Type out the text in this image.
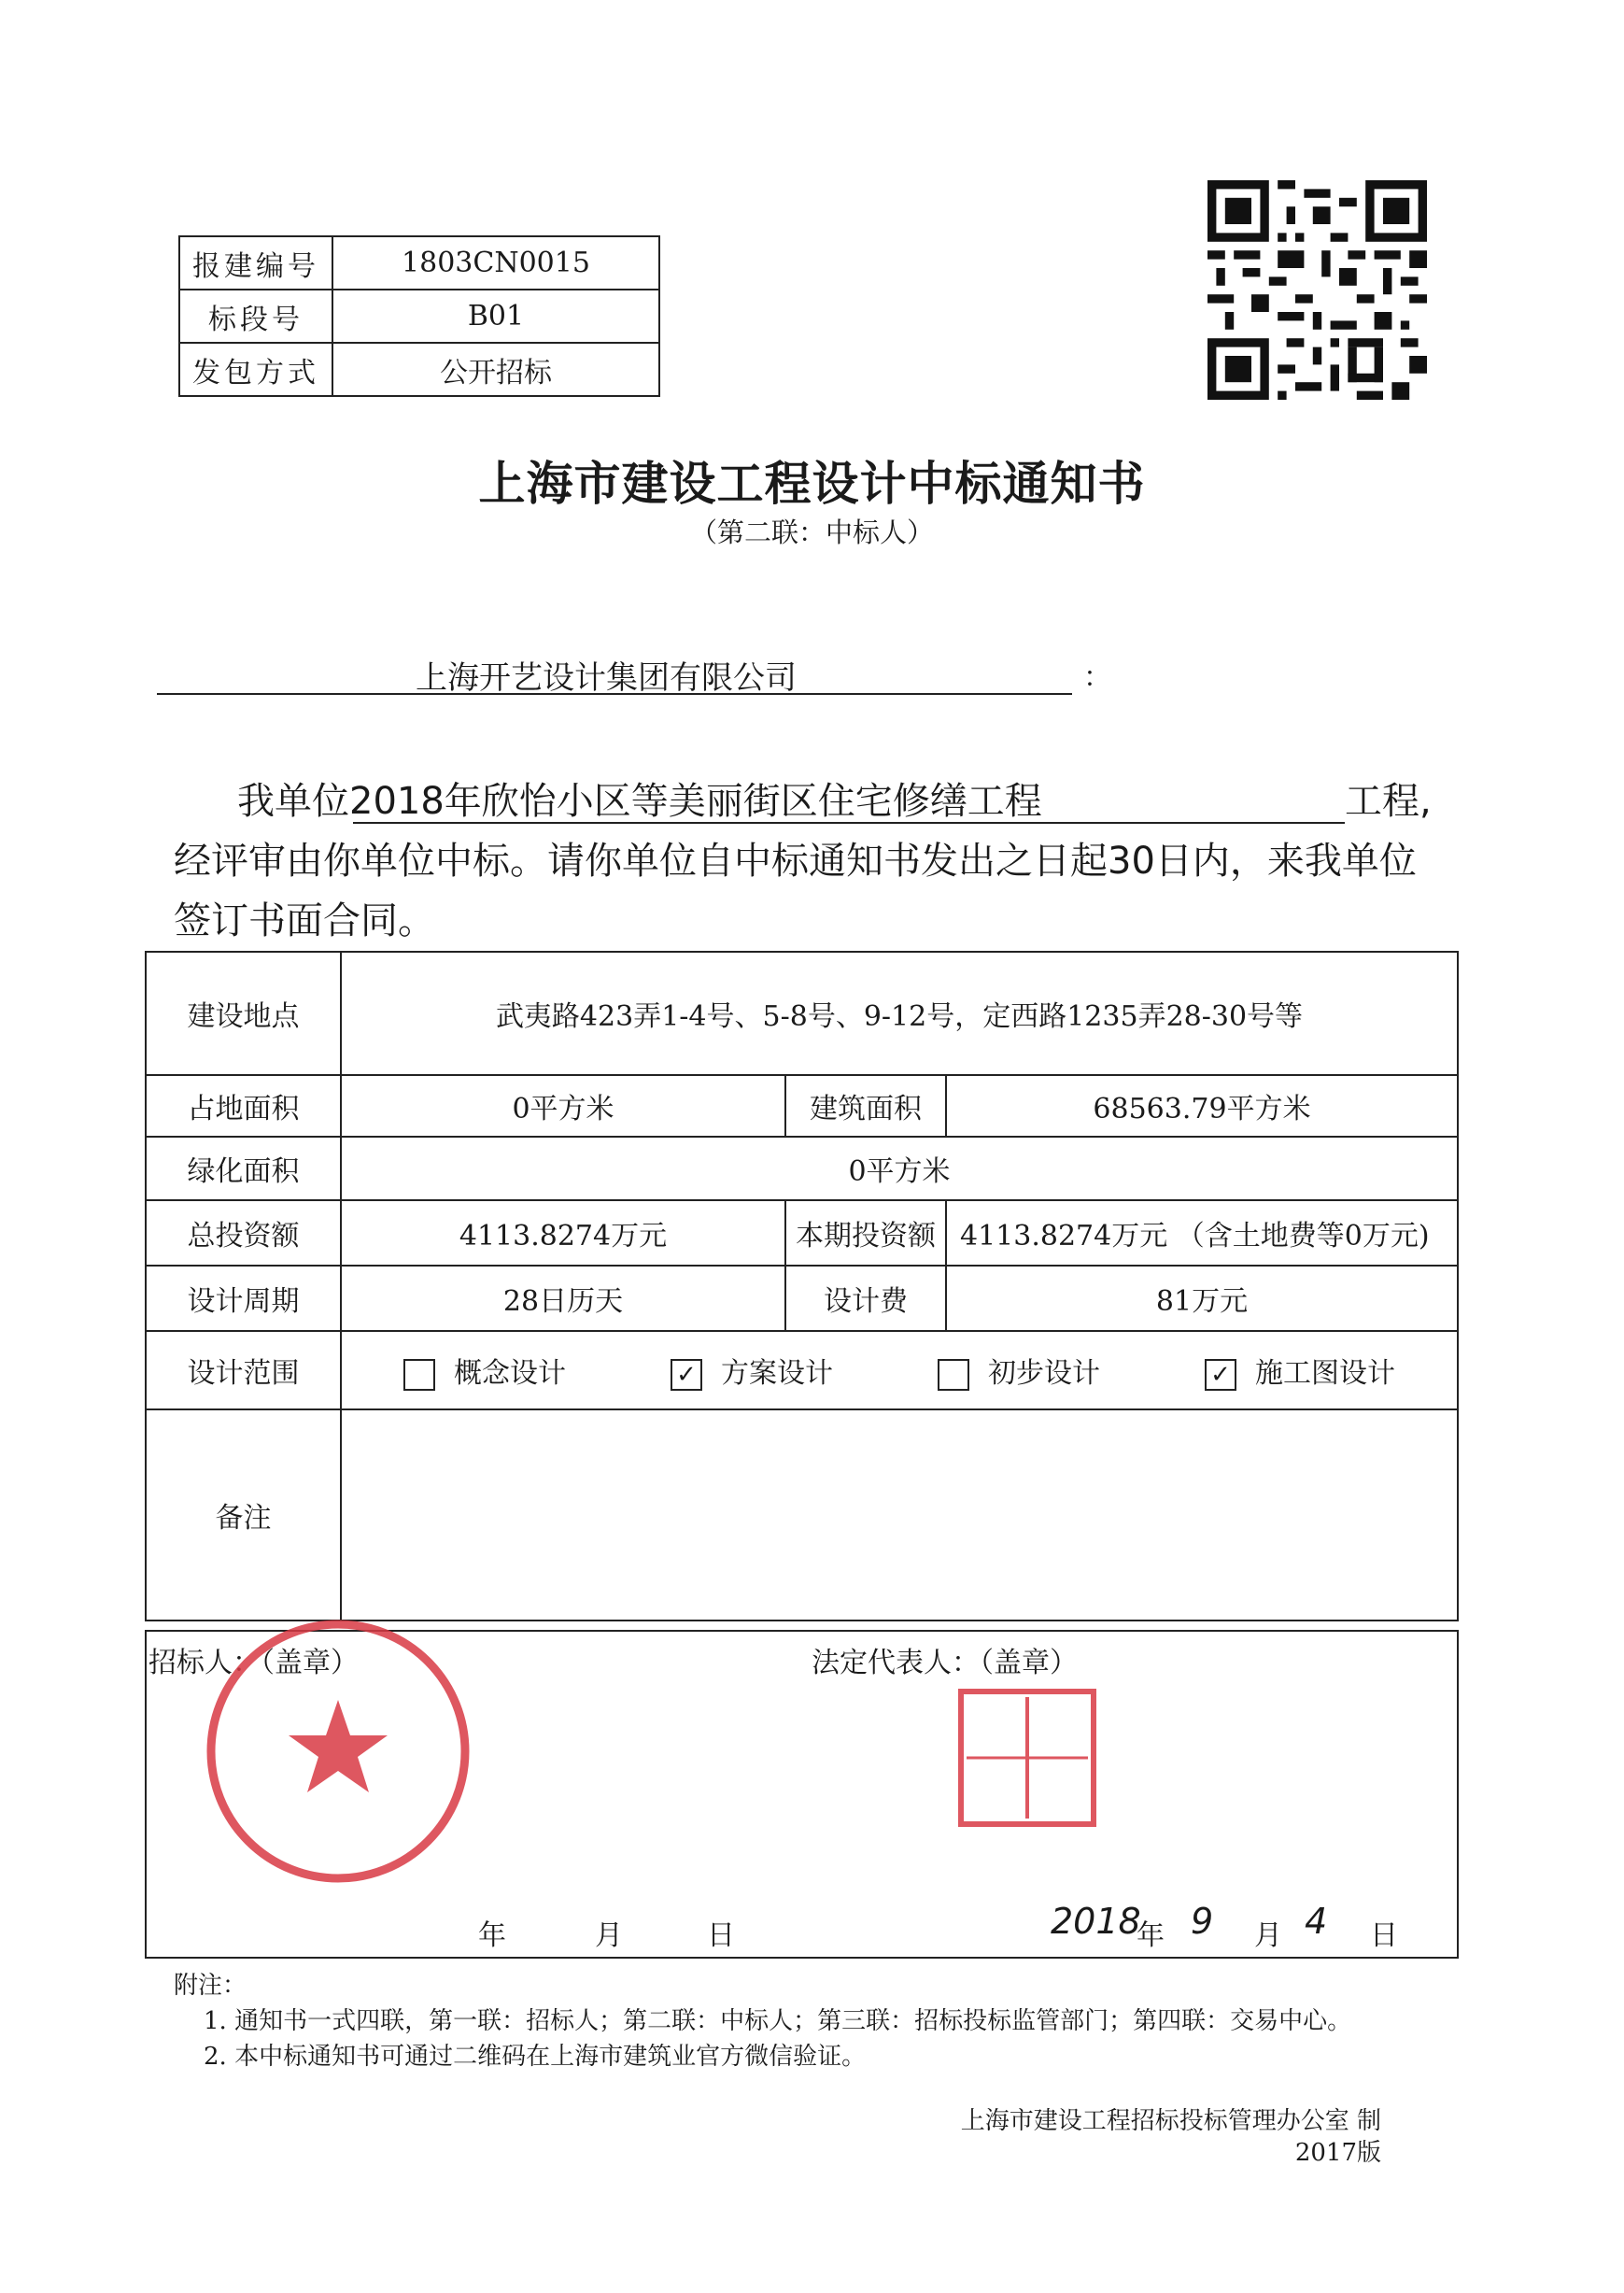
报建编号	1803CN0015
标段号	B01
发包方式	公开招标
上海市建设工程设计中标通知书
（第二联：中标人）
上海开艺设计集团有限公司	：
我单位2018年欣怡小区等美丽街区住宅修缮工程	工程,
经评审由你单位中标。请你单位自中标通知书发出之日起30日内，来我单位
签订书面合同。
建设地点	武夷路423弄1-4号、5-8号、9-12号，定西路1235弄28-30号等		
占地面积	0平方米	建筑面积	68563.79平方米
绿化面积	0平方米		
总投资额	4113.8274万元	本期投资额	4113.8274万元 （含土地费等0万元)
设计周期	28日历天	设计费	81万元
设计范围	概念设计 ✓ 方案设计 初步设计 ✓ 施工图设计		

备注			
招标人：（盖章）	法定代表人：（盖章）
年	月	日	2018
年 9 月 4 日
附注：
1. 通知书一式四联，第一联：招标人；第二联：中标人；第三联：招标投标监管部门；第四联：交易中心。
2. 本中标通知书可通过二维码在上海市建筑业官方微信验证。
上海市建设工程招标投标管理办公室 制
2017版
